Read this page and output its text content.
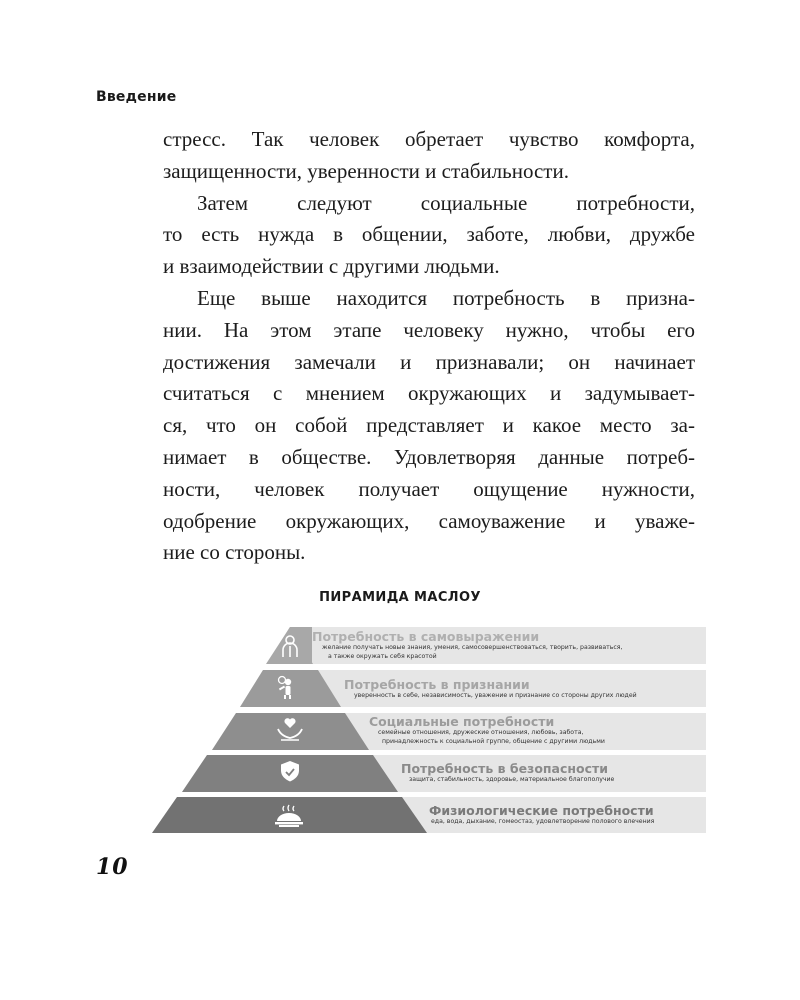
Введение
стресс. Так человек обретает чувство комфорта,
защищенности, уверенности и стабильности.
Затем следуют социальные потребности,
то есть нужда в общении, заботе, любви, дружбе
и взаимодействии с другими людьми.
Еще выше находится потребность в призна-
нии. На этом этапе человеку нужно, чтобы его
достижения замечали и признавали; он начинает
считаться с мнением окружающих и задумывает-
ся, что он собой представляет и какое место за-
нимает в обществе. Удовлетворяя данные потреб-
ности, человек получает ощущение нужности,
одобрение окружающих, самоуважение и уваже-
ние со стороны.
ПИРАМИДА МАСЛОУ
Потребность в самовыражении
желание получать новые знания, умения, самосовершенствоваться, творить, развиваться,
а также окружать себя красотой
Потребность в признании
уверенность в себе, независимость, уважение и признание со стороны других людей
Социальные потребности
семейные отношения, дружеские отношения, любовь, забота,
принадлежность к социальной группе, общение с другими людьми
Потребность в безопасности
защита, стабильность, здоровье, материальное благополучие
Физиологические потребности
еда, вода, дыхание, гомеостаз, удовлетворение полового влечения
10
